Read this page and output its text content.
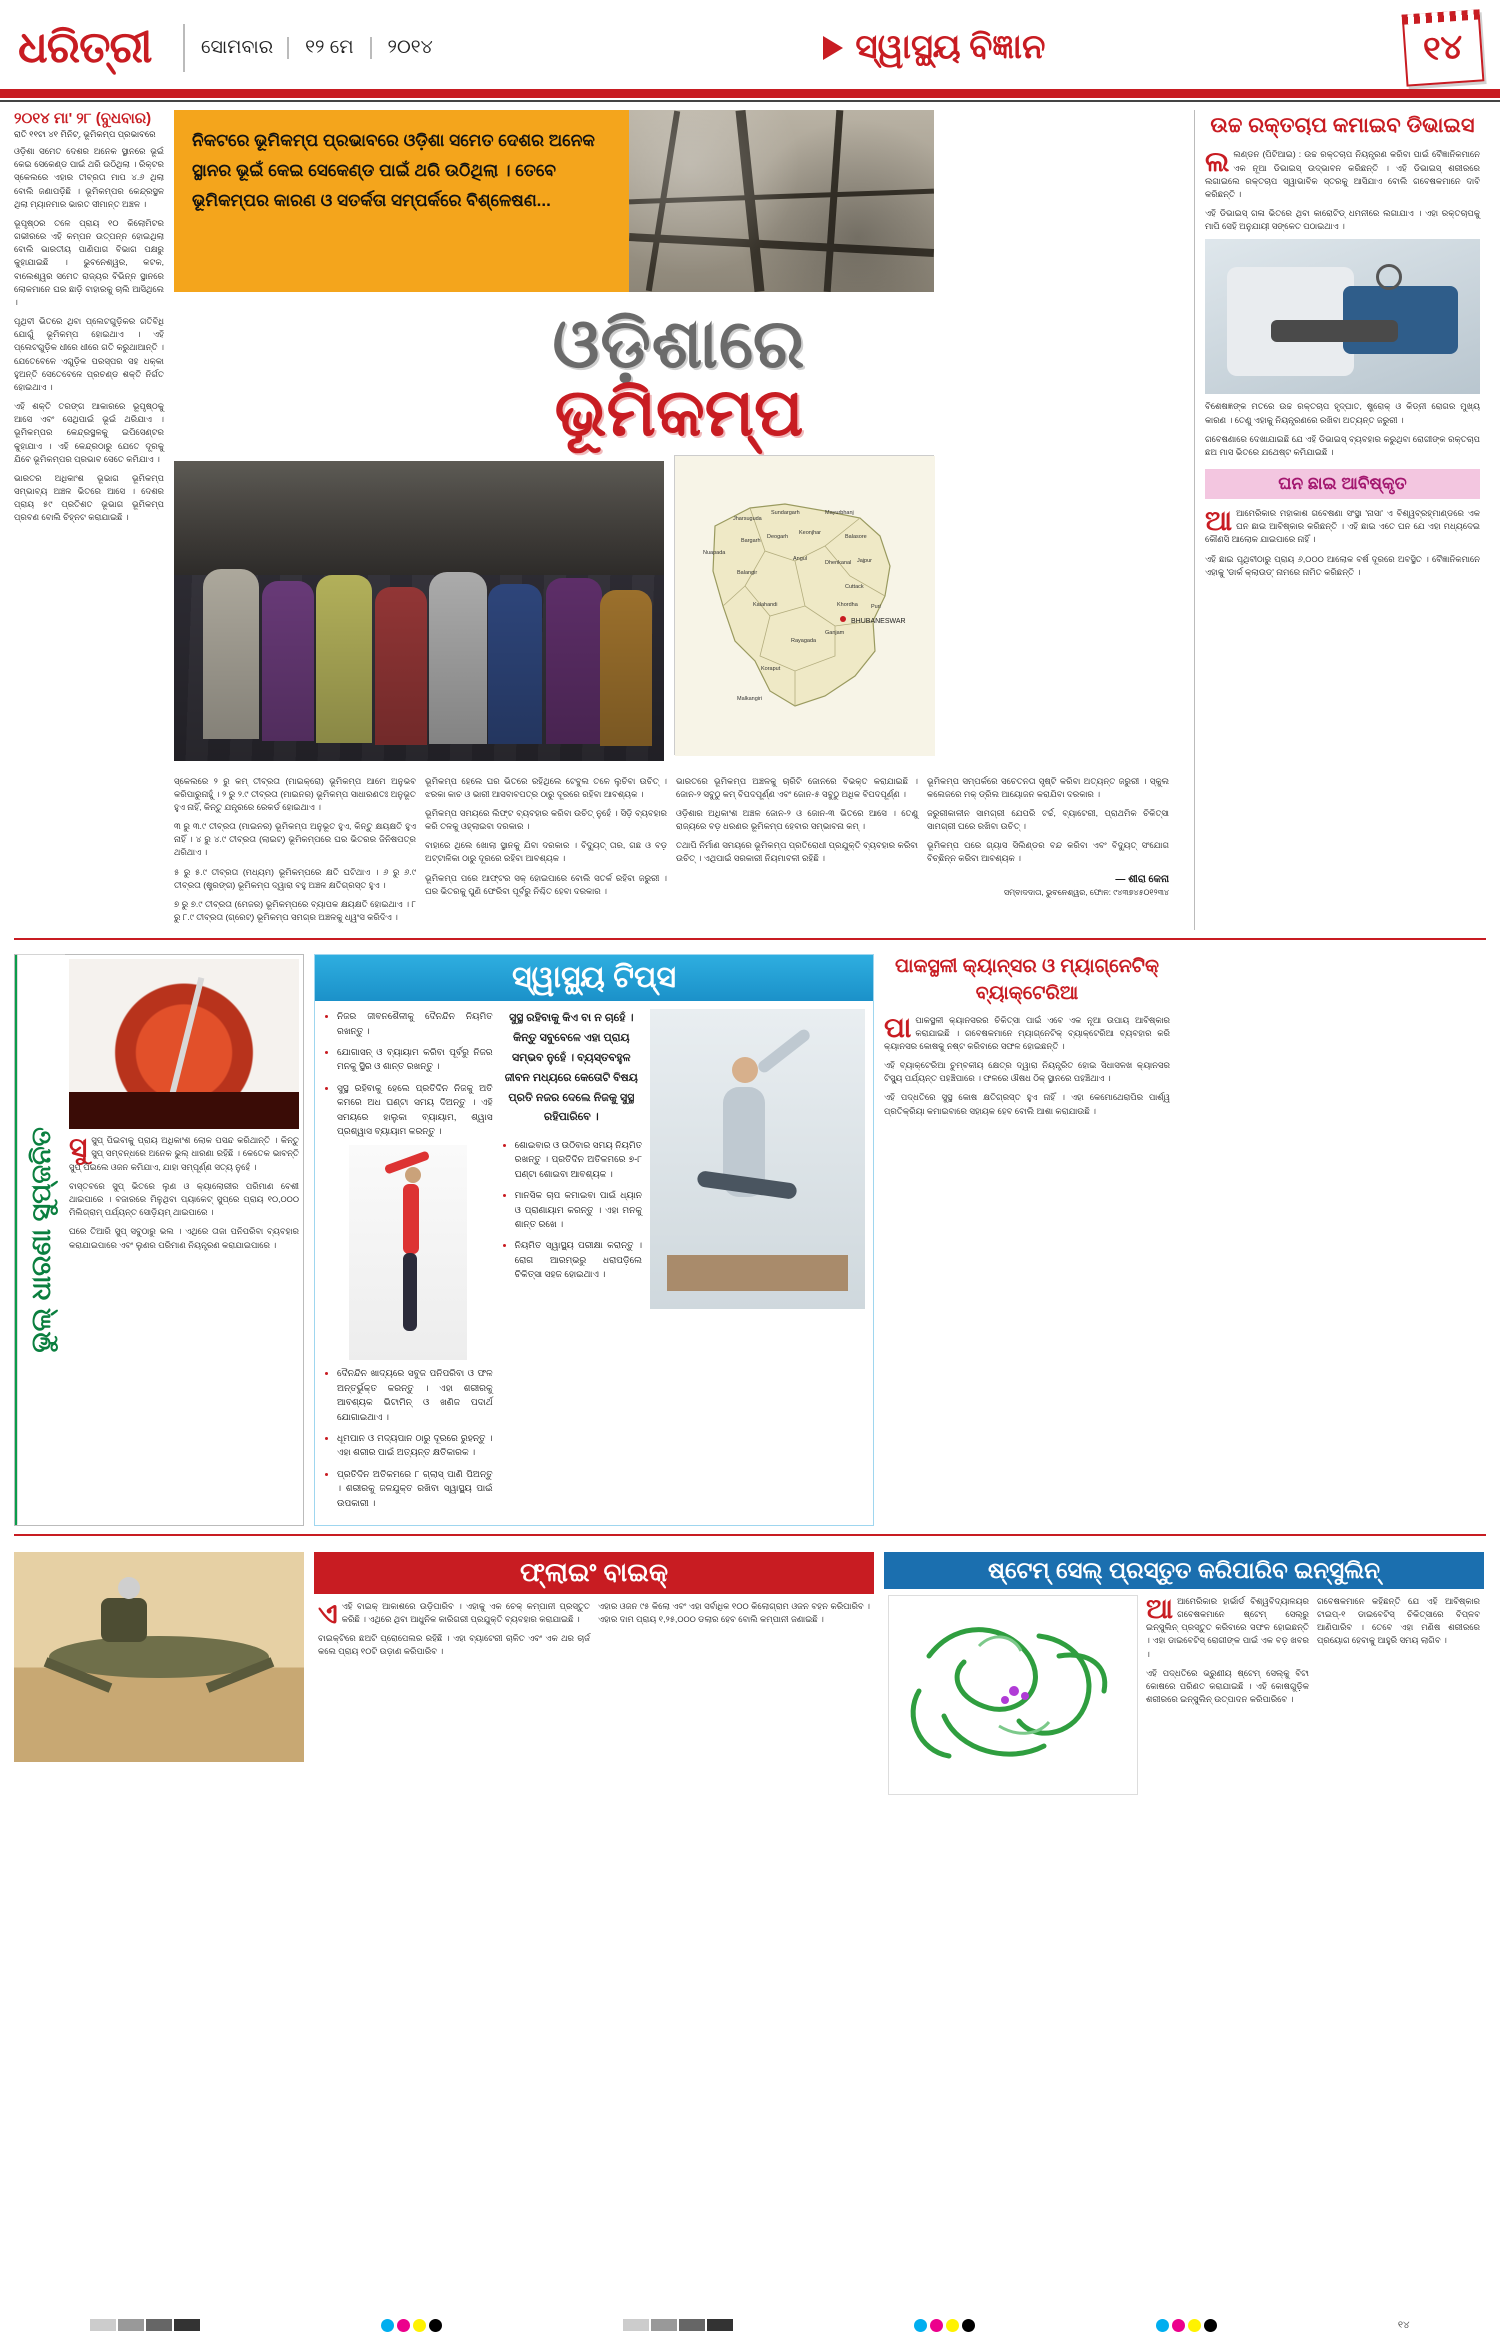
ଧରିତ୍ରୀ	ସୋମବାର	୧୨ ମେ	୨୦୧୪	ସ୍ୱାସ୍ଥ୍ୟ ବିଜ୍ଞାନ	୧୪
୨୦୧୪ ମା' ୨୮ (ବୁଧବାର)
ରାତି ୧୧ଟା ୪୧ ମିନିଟ୍, ଭୂମିକମ୍ପ ପ୍ରଭାବରେ

ଓଡ଼ିଶା ସମେତ ଦେଶର ଅନେକ ସ୍ଥାନରେ ଭୂଇଁ କେଇ ସେକେଣ୍ଡ ପାଇଁ ଥରି ଉଠିଥିଲା । ରିକ୍ଟର ସ୍କେଲରେ ଏହାର ତୀବ୍ରତା ମାପ ୪.୬ ଥିଲା ବୋଲି ଜଣାପଡ଼ିଛି । ଭୂମିକମ୍ପର କେନ୍ଦ୍ରସ୍ଥଳ ଥିଲା ମ୍ୟାନମାର ଭାରତ ସୀମାନ୍ତ ଅଞ୍ଚଳ ।

ଭୂପୃଷ୍ଠର ତଳେ ପ୍ରାୟ ୧୦ କିଲୋମିଟର ଗଭୀରରେ ଏହି କମ୍ପନ ଉତ୍ପନ୍ନ ହୋଇଥିଲା ବୋଲି ଭାରତୀୟ ପାଣିପାଗ ବିଭାଗ ପକ୍ଷରୁ କୁହାଯାଇଛି । ଭୁବନେଶ୍ୱର, କଟକ, ବାଲେଶ୍ୱର ସମେତ ରାଜ୍ୟର ବିଭିନ୍ନ ସ୍ଥାନରେ ଲୋକମାନେ ଘର ଛାଡ଼ି ବାହାରକୁ ଚାଲି ଆସିଥିଲେ ।

ପୃଥିବୀ ଭିତରେ ଥିବା ପ୍ଲେଟଗୁଡ଼ିକର ଗତିବିଧି ଯୋଗୁଁ ଭୂମିକମ୍ପ ହୋଇଥାଏ । ଏହି ପ୍ଲେଟଗୁଡ଼ିକ ଧୀରେ ଧୀରେ ଗତି କରୁଥାଆନ୍ତି । ଯେତେବେଳେ ଏଗୁଡ଼ିକ ପରସ୍ପର ସହ ଧକ୍କା ହୁଅନ୍ତି ସେତେବେଳେ ପ୍ରଚଣ୍ଡ ଶକ୍ତି ନିର୍ଗତ ହୋଇଥାଏ ।

ଏହି ଶକ୍ତି ତରଙ୍ଗ ଆକାରରେ ଭୂପୃଷ୍ଠକୁ ଆସେ ଏବଂ ସେଥିପାଇଁ ଭୂଇଁ ଥରିଯାଏ । ଭୂମିକମ୍ପର କେନ୍ଦ୍ରସ୍ଥଳକୁ ଇପିସେଣ୍ଟର କୁହାଯାଏ । ଏହି କେନ୍ଦ୍ରଠାରୁ ଯେତେ ଦୂରକୁ ଯିବେ ଭୂମିକମ୍ପର ପ୍ରଭାବ ସେତେ କମିଯାଏ ।

ଭାରତର ଅଧିକାଂଶ ଭୂଭାଗ ଭୂମିକମ୍ପ ସମ୍ଭାବ୍ୟ ଅଞ୍ଚଳ ଭିତରେ ଆସେ । ଦେଶର ପ୍ରାୟ ୫୯ ପ୍ରତିଶତ ଭୂଭାଗ ଭୂମିକମ୍ପ ପ୍ରବଣ ବୋଲି ଚିହ୍ନଟ କରାଯାଇଛି ।

ନିକଟରେ ଭୂମିକମ୍ପ ପ୍ରଭାବରେ ଓଡ଼ିଶା ସମେତ ଦେଶର ଅନେକ ସ୍ଥାନର ଭୂଇଁ କେଇ ସେକେଣ୍ଡ ପାଇଁ ଥରି ଉଠିଥିଲା । ତେବେ ଭୂମିକମ୍ପର କାରଣ ଓ ସତର୍କତା ସମ୍ପର୍କରେ ବିଶ୍ଳେଷଣ...
ଓଡ଼ିଶାରେ
ଭୂମିକମ୍ପ
BHUBANESWAR
Jharsuguda
Sundargarh	Mayurbhanj
Nuapada
Bargarh
Deogarh
Keonjhar
Balasore
Balangir
Angul
Dhenkanal Jajpur
Cuttack
Kalahandi	Khordha Puri
Ganjam
Rayagada
Koraput
Malkangiri

ସ୍କେଲରେ ୨ ରୁ କମ୍ ତୀବ୍ରତା (ମାଇକ୍ରୋ) ଭୂମିକମ୍ପ ଆମେ ଅନୁଭବ କରିପାରୁନାହୁଁ । ୨ ରୁ ୨.୯ ତୀବ୍ରତା (ମାଇନର) ଭୂମିକମ୍ପ ସାଧାରଣତଃ ଅନୁଭୂତ ହୁଏ ନାହିଁ, କିନ୍ତୁ ଯନ୍ତ୍ରରେ ରେକର୍ଡ ହୋଇଥାଏ ।

୩ ରୁ ୩.୯ ତୀବ୍ରତା (ମାଇନର) ଭୂମିକମ୍ପ ଅନୁଭୂତ ହୁଏ, କିନ୍ତୁ କ୍ଷୟକ୍ଷତି ହୁଏ ନାହିଁ । ୪ ରୁ ୪.୯ ତୀବ୍ରତା (ଲାଇଟ୍) ଭୂମିକମ୍ପରେ ଘର ଭିତରର ଜିନିଷପତ୍ର ଥରିଥାଏ ।

୫ ରୁ ୫.୯ ତୀବ୍ରତା (ମଧ୍ୟମ) ଭୂମିକମ୍ପରେ କ୍ଷତି ଘଟିଥାଏ । ୬ ରୁ ୬.୯ ତୀବ୍ରତା (ଷ୍ଟ୍ରଙ୍ଗ) ଭୂମିକମ୍ପ ଦ୍ୱାରା ବହୁ ଅଞ୍ଚଳ କ୍ଷତିଗ୍ରସ୍ତ ହୁଏ ।

୭ ରୁ ୭.୯ ତୀବ୍ରତା (ମେଜର) ଭୂମିକମ୍ପରେ ବ୍ୟାପକ କ୍ଷୟକ୍ଷତି ହୋଇଥାଏ । ୮ ରୁ ୮.୯ ତୀବ୍ରତା (ଗ୍ରେଟ୍) ଭୂମିକମ୍ପ ସମଗ୍ର ଅଞ୍ଚଳକୁ ଧ୍ୱଂସ କରିଦିଏ ।

ଭୂମିକମ୍ପ ହେଲେ ଘର ଭିତରେ ରହିଥିଲେ ଟେବୁଲ ତଳେ ଲୁଚିବା ଉଚିତ୍ । ଝରକା କାଚ ଓ ଭାରୀ ଆସବାବପତ୍ର ଠାରୁ ଦୂରରେ ରହିବା ଆବଶ୍ୟକ ।

ଭୂମିକମ୍ପ ସମୟରେ ଲିଫ୍ଟ ବ୍ୟବହାର କରିବା ଉଚିତ୍ ନୁହେଁ । ସିଡ଼ି ବ୍ୟବହାର କରି ତଳକୁ ଓହ୍ଲାଇବା ଦରକାର ।

ବାହାରେ ଥିଲେ ଖୋଲା ସ୍ଥାନକୁ ଯିବା ଦରକାର । ବିଦ୍ୟୁତ୍ ତାର, ଗଛ ଓ ବଡ଼ ଅଟ୍ଟାଳିକା ଠାରୁ ଦୂରରେ ରହିବା ଆବଶ୍ୟକ ।

ଭୂମିକମ୍ପ ପରେ ଆଫ୍ଟର ସକ୍ ହୋଇପାରେ ବୋଲି ସତର୍କ ରହିବା ଜରୁରୀ । ଘର ଭିତରକୁ ପୁଣି ଫେରିବା ପୂର୍ବରୁ ନିଶ୍ଚିତ ହେବା ଦରକାର ।

ଭାରତରେ ଭୂମିକମ୍ପ ଅଞ୍ଚଳକୁ ଚାରିଟି ଜୋନରେ ବିଭକ୍ତ କରାଯାଇଛି । ଜୋନ-୨ ସବୁଠୁ କମ୍ ବିପଦପୂର୍ଣ୍ଣ ଏବଂ ଜୋନ-୫ ସବୁଠୁ ଅଧିକ ବିପଦପୂର୍ଣ୍ଣ ।

ଓଡ଼ିଶାର ଅଧିକାଂଶ ଅଞ୍ଚଳ ଜୋନ-୨ ଓ ଜୋନ-୩ ଭିତରେ ଆସେ । ତେଣୁ ରାଜ୍ୟରେ ବଡ଼ ଧରଣର ଭୂମିକମ୍ପ ହେବାର ସମ୍ଭାବନା କମ୍ ।

ତଥାପି ନିର୍ମାଣ ସମୟରେ ଭୂମିକମ୍ପ ପ୍ରତିରୋଧୀ ପ୍ରଯୁକ୍ତି ବ୍ୟବହାର କରିବା ଉଚିତ୍ । ଏଥିପାଇଁ ସରକାରୀ ନିୟମାବଳୀ ରହିଛି ।

ଭୂମିକମ୍ପ ସମ୍ପର୍କରେ ସଚେତନତା ସୃଷ୍ଟି କରିବା ଅତ୍ୟନ୍ତ ଜରୁରୀ । ସ୍କୁଲ କଲେଜରେ ମକ୍ ଡ୍ରିଲ ଆୟୋଜନ କରାଯିବା ଦରକାର ।

ଜରୁରୀକାଳୀନ ସାମଗ୍ରୀ ଯେପରି ଟର୍ଚ୍ଚ, ବ୍ୟାଟେରୀ, ପ୍ରାଥମିକ ଚିକିତ୍ସା ସାମଗ୍ରୀ ଘରେ ରଖିବା ଉଚିତ୍ ।

ଭୂମିକମ୍ପ ପରେ ଗ୍ୟାସ ସିଲିଣ୍ଡର ବନ୍ଦ କରିବା ଏବଂ ବିଦ୍ୟୁତ୍ ସଂଯୋଗ ବିଚ୍ଛିନ୍ନ କରିବା ଆବଶ୍ୟକ ।

— ଶୀରା କେନା
ସମ୍ବାଦଦାତା, ଭୁବନେଶ୍ୱର, ଫୋନ: ୯୪୩୭୪୫୦୧୨୩୪
ଉଚ୍ଚ ରକ୍ତଚାପ କମାଇବ ଡିଭାଇସ

ଲଲଣ୍ଡନ (ପିଟିଆଇ) : ଉଚ୍ଚ ରକ୍ତଚାପ ନିୟନ୍ତ୍ରଣ କରିବା ପାଇଁ ବୈଜ୍ଞାନିକମାନେ ଏକ ନୂଆ ଡିଭାଇସ୍ ଉଦ୍ଭାବନ କରିଛନ୍ତି । ଏହି ଡିଭାଇସ୍ ଶରୀରରେ ଲଗାଇଲେ ରକ୍ତଚାପ ସ୍ୱାଭାବିକ ସ୍ତରକୁ ଆସିଯାଏ ବୋଲି ଗବେଷକମାନେ ଦାବି କରିଛନ୍ତି ।

ଏହି ଡିଭାଇସ୍ ଗଳା ଭିତରେ ଥିବା କାରୋଟିଡ୍ ଧମନୀରେ ଲଗାଯାଏ । ଏହା ରକ୍ତଚାପକୁ ମାପି ସେହି ଅନୁଯାୟୀ ସଙ୍କେତ ପଠାଇଥାଏ ।

ବିଶେଷଜ୍ଞଙ୍କ ମତରେ ଉଚ୍ଚ ରକ୍ତଚାପ ହୃଦ୍‌ଘାତ, ଷ୍ଟ୍ରୋକ୍ ଓ କିଡ୍‌ନୀ ରୋଗର ମୁଖ୍ୟ କାରଣ । ତେଣୁ ଏହାକୁ ନିୟନ୍ତ୍ରଣରେ ରଖିବା ଅତ୍ୟନ୍ତ ଜରୁରୀ ।

ଗବେଷଣାରେ ଦେଖାଯାଇଛି ଯେ ଏହି ଡିଭାଇସ୍ ବ୍ୟବହାର କରୁଥିବା ରୋଗୀଙ୍କ ରକ୍ତଚାପ ଛଅ ମାସ ଭିତରେ ଯଥେଷ୍ଟ କମିଯାଇଛି ।

ଘନ ଛାଇ ଆବିଷ୍କୃତ

ଆଆମେରିକାର ମହାକାଶ ଗବେଷଣା ସଂସ୍ଥା 'ନାସା' ଏ ବିଶ୍ୱବ୍ରହ୍ମାଣ୍ଡରେ ଏକ ଘନ ଛାଇ ଆବିଷ୍କାର କରିଛନ୍ତି । ଏହି ଛାଇ ଏତେ ଘନ ଯେ ଏହା ମଧ୍ୟଦେଇ କୌଣସି ଆଲୋକ ଯାଇପାରେ ନାହିଁ ।

ଏହି ଛାଇ ପୃଥିବୀଠାରୁ ପ୍ରାୟ ୬,୦୦୦ ଆଲୋକ ବର୍ଷ ଦୂରରେ ଅବସ୍ଥିତ । ବୈଜ୍ଞାନିକମାନେ ଏହାକୁ 'ଡାର୍କ କ୍ଲାଉଡ୍' ନାମରେ ନାମିତ କରିଛନ୍ତି ।

ଭୁଲ୍ ଧାରଣା ସୁପ୍‌ଜନିତ ସୁସୁପ୍ ପିଇବାକୁ ପ୍ରାୟ ଅଧିକାଂଶ ଲୋକ ପସନ୍ଦ କରିଥାନ୍ତି । କିନ୍ତୁ ସୁପ୍ ସମ୍ବନ୍ଧରେ ଅନେକ ଭୁଲ୍ ଧାରଣା ରହିଛି । କେତେକ ଭାବନ୍ତି ସୁପ୍ ପିଇଲେ ଓଜନ କମିଯାଏ, ଯାହା ସମ୍ପୂର୍ଣ୍ଣ ସତ୍ୟ ନୁହେଁ ।

ବାସ୍ତବରେ ସୁପ୍ ଭିତରେ ଲୁଣ ଓ କ୍ୟାଲୋରୀର ପରିମାଣ ବେଶୀ ଥାଇପାରେ । ବଜାରରେ ମିଳୁଥିବା ପ୍ୟାକେଟ୍ ସୁପ୍‌ରେ ପ୍ରାୟ ୧୦,୦୦୦ ମିଲିଗ୍ରାମ୍ ପର୍ଯ୍ୟନ୍ତ ସୋଡ଼ିୟମ୍ ଥାଇପାରେ ।

ଘରେ ତିଆରି ସୁପ୍ ସବୁଠାରୁ ଭଲ । ଏଥିରେ ତାଜା ପନିପରିବା ବ୍ୟବହାର କରାଯାଇପାରେ ଏବଂ ଲୁଣର ପରିମାଣ ନିୟନ୍ତ୍ରଣ କରାଯାଇପାରେ ।

ସ୍ୱାସ୍ଥ୍ୟ ଟିପ୍ସ
• ନିଜର ଜୀବନଶୈଳୀକୁ ଦୈନନ୍ଦିନ ନିୟମିତ ରଖନ୍ତୁ ।
• ଯୋଗାସନ୍ ଓ ବ୍ୟାୟାମ କରିବା ପୂର୍ବରୁ ନିଜର ମନକୁ ସ୍ଥିର ଓ ଶାନ୍ତ ରଖନ୍ତୁ ।
• ସୁସ୍ଥ ରହିବାକୁ ହେଲେ ପ୍ରତିଦିନ ନିଜକୁ ଅତି କମରେ ଅଧ ଘଣ୍ଟା ସମୟ ଦିଅନ୍ତୁ । ଏହି ସମୟରେ ହାଲୁକା ବ୍ୟାୟାମ, ଶ୍ୱାସ ପ୍ରଶ୍ୱାସ ବ୍ୟାୟାମ କରନ୍ତୁ ।
• ଦୈନନ୍ଦିନ ଖାଦ୍ୟରେ ସବୁଜ ପନିପରିବା ଓ ଫଳ ଅନ୍ତର୍ଭୁକ୍ତ କରନ୍ତୁ । ଏହା ଶରୀରକୁ ଆବଶ୍ୟକ ଭିଟାମିନ୍ ଓ ଖଣିଜ ପଦାର୍ଥ ଯୋଗାଇଥାଏ ।
• ଧୂମପାନ ଓ ମଦ୍ୟପାନ ଠାରୁ ଦୂରରେ ରୁହନ୍ତୁ । ଏହା ଶରୀର ପାଇଁ ଅତ୍ୟନ୍ତ କ୍ଷତିକାରକ ।
• ପ୍ରତିଦିନ ଅତିକମରେ ୮ ଗ୍ଲାସ୍ ପାଣି ପିଅନ୍ତୁ । ଶରୀରକୁ ଜଳଯୁକ୍ତ ରଖିବା ସ୍ୱାସ୍ଥ୍ୟ ପାଇଁ ଉପକାରୀ ।
ସୁସ୍ଥ ରହିବାକୁ କିଏ ବା ନ ଚାହେଁ । କିନ୍ତୁ ସବୁବେଳେ ଏହା ପ୍ରାୟ ସମ୍ଭବ ନୁହେଁ । ବ୍ୟସ୍ତବହୁଳ ଜୀବନ ମଧ୍ୟରେ କେତୋଟି ବିଷୟ ପ୍ରତି ନଜର ଦେଲେ ନିଜକୁ ସୁସ୍ଥ ରହିପାରିବେ ।
• ଶୋଇବାର ଓ ଉଠିବାର ସମୟ ନିୟମିତ ରଖନ୍ତୁ । ପ୍ରତିଦିନ ଅତିକମରେ ୭-୮ ଘଣ୍ଟା ଶୋଇବା ଆବଶ୍ୟକ ।
• ମାନସିକ ଚାପ କମାଇବା ପାଇଁ ଧ୍ୟାନ ଓ ପ୍ରାଣାୟାମ କରନ୍ତୁ । ଏହା ମନକୁ ଶାନ୍ତ ରଖେ ।
• ନିୟମିତ ସ୍ୱାସ୍ଥ୍ୟ ପରୀକ୍ଷା କରାନ୍ତୁ । ରୋଗ ଆରମ୍ଭରୁ ଧରାପଡ଼ିଲେ ଚିକିତ୍ସା ସହଜ ହୋଇଥାଏ ।
ପାକସ୍ଥଳୀ କ୍ୟାନ୍‌ସର ଓ ମ୍ୟାଗ୍ନେଟିକ୍ ବ୍ୟାକ୍‌ଟେରିଆ

ପାପାକସ୍ଥଳୀ କ୍ୟାନସରର ଚିକିତ୍ସା ପାଇଁ ଏବେ ଏକ ନୂଆ ଉପାୟ ଆବିଷ୍କାର କରାଯାଇଛି । ଗବେଷକମାନେ ମ୍ୟାଗ୍ନେଟିକ୍ ବ୍ୟାକ୍‌ଟେରିଆ ବ୍ୟବହାର କରି କ୍ୟାନସର କୋଷକୁ ନଷ୍ଟ କରିବାରେ ସଫଳ ହୋଇଛନ୍ତି ।

ଏହି ବ୍ୟାକ୍‌ଟେରିଆ ଚୁମ୍ବକୀୟ କ୍ଷେତ୍ର ଦ୍ୱାରା ନିୟନ୍ତ୍ରିତ ହୋଇ ସିଧାସଳଖ କ୍ୟାନସର ଟିସ୍ୟୁ ପର୍ଯ୍ୟନ୍ତ ପହଞ୍ଚିପାରେ । ଫଳରେ ଔଷଧ ଠିକ୍ ସ୍ଥାନରେ ପହଞ୍ଚିଥାଏ ।

ଏହି ପଦ୍ଧତିରେ ସୁସ୍ଥ କୋଷ କ୍ଷତିଗ୍ରସ୍ତ ହୁଏ ନାହିଁ । ଏହା କେମୋଥେରାପିର ପାର୍ଶ୍ୱ ପ୍ରତିକ୍ରିୟା କମାଇବାରେ ସହାୟକ ହେବ ବୋଲି ଆଶା କରାଯାଉଛି ।

ଫ୍ଲାଇଂ ବାଇକ୍

ଏଏହି ବାଇକ୍ ଆକାଶରେ ଉଡ଼ିପାରିବ । ଏହାକୁ ଏକ ଚେକ୍ କମ୍ପାନୀ ପ୍ରସ୍ତୁତ କରିଛି । ଏଥିରେ ଥିବା ଆଧୁନିକ କାରିଗରୀ ପ୍ରଯୁକ୍ତି ବ୍ୟବହାର କରାଯାଇଛି ।

ବାଇକ୍‌ଟିରେ ଛଅଟି ପ୍ରୋପେଲର ରହିଛି । ଏହା ବ୍ୟାଟେରୀ ଚାଳିତ ଏବଂ ଏକ ଥର ଚାର୍ଜ କଲେ ପ୍ରାୟ ୧୦ଟି ଉଡ଼ାଣ କରିପାରିବ ।

ଏହାର ଓଜନ ୯୫ କିଲୋ ଏବଂ ଏହା ସର୍ବାଧିକ ୧୦୦ କିଲୋଗ୍ରାମ ଓଜନ ବହନ କରିପାରିବ । ଏହାର ଦାମ ପ୍ରାୟ ୧,୨୫,୦୦୦ ଡଲାର ହେବ ବୋଲି କମ୍ପାନୀ ଜଣାଇଛି ।

ଷ୍ଟେମ୍ ସେଲ୍ ପ୍ରସ୍ତୁତ କରିପାରିବ ଇନ୍‌ସୁଲିନ୍

ଆଆମେରିକାର ହାର୍ଭାର୍ଡ ବିଶ୍ୱବିଦ୍ୟାଳୟର ଗବେଷକମାନେ ଷ୍ଟେମ୍ ସେଲ୍‌ରୁ ଇନ୍‌ସୁଲିନ୍ ପ୍ରସ୍ତୁତ କରିବାରେ ସଫଳ ହୋଇଛନ୍ତି । ଏହା ଡାଇବେଟିସ୍ ରୋଗୀଙ୍କ ପାଇଁ ଏକ ବଡ଼ ଖବର ।

ଏହି ପଦ୍ଧତିରେ ଭ୍ରୁଣୀୟ ଷ୍ଟେମ୍ ସେଲ୍‌କୁ ବିଟା କୋଷରେ ପରିଣତ କରାଯାଇଛି । ଏହି କୋଷଗୁଡ଼ିକ ଶରୀରରେ ଇନ୍‌ସୁଲିନ୍ ଉତ୍ପାଦନ କରିପାରିବେ ।

ଗବେଷକମାନେ କହିଛନ୍ତି ଯେ ଏହି ଆବିଷ୍କାର ଟାଇପ୍-୧ ଡାଇବେଟିସ୍ ଚିକିତ୍ସାରେ ବିପ୍ଳବ ଆଣିପାରିବ । ତେବେ ଏହା ମଣିଷ ଶରୀରରେ ପ୍ରୟୋଗ ହେବାକୁ ଆହୁରି ସମୟ ଲାଗିବ ।

୧୪
